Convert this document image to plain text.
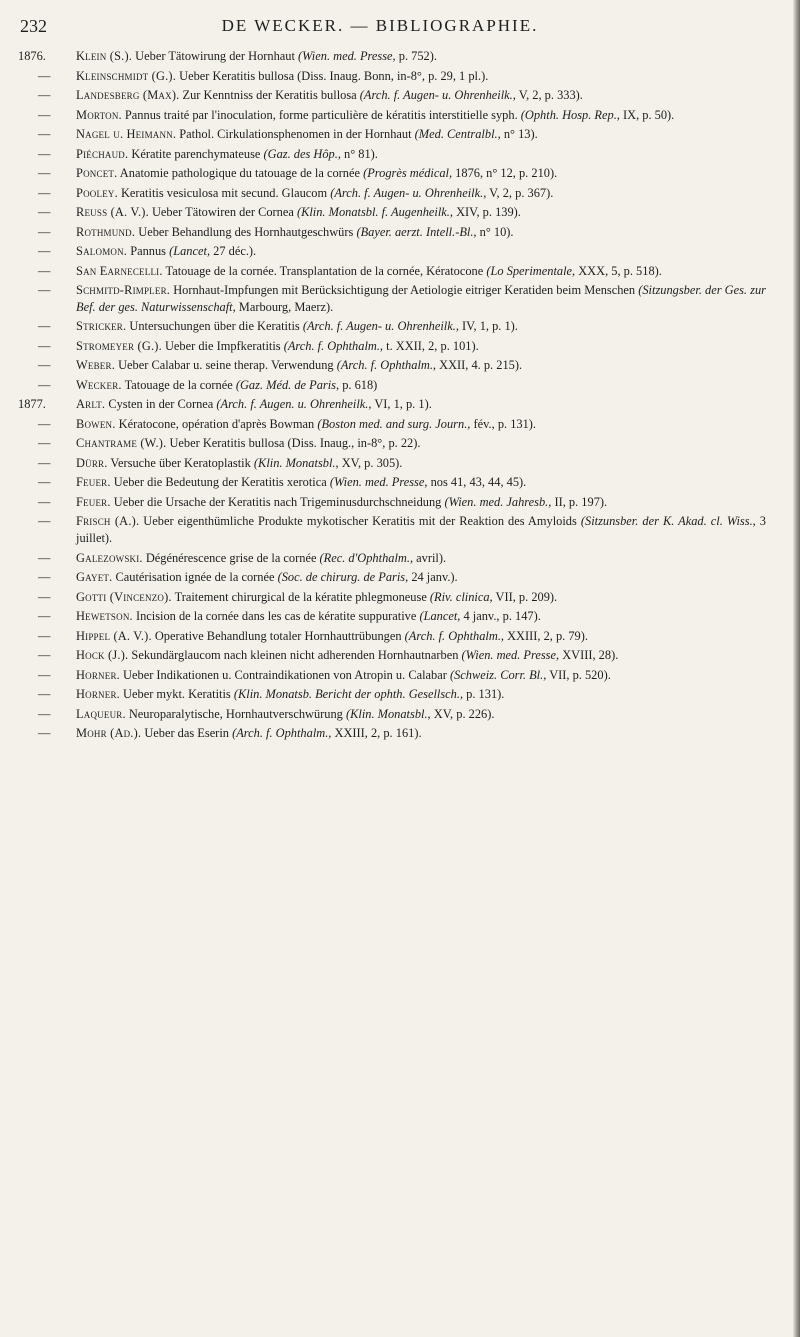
232	DE WECKER. — BIBLIOGRAPHIE.
1876.	Klein (S.). Ueber Tätowirung der Hornhaut (Wien. med. Presse, p. 752).
— Kleinschmidt (G.). Ueber Keratitis bullosa (Diss. Inaug. Bonn, in-8°, p. 29, 1 pl.).
— Landesberg (Max). Zur Kenntniss der Keratitis bullosa (Arch. f. Augen- u. Ohrenheilk., V, 2, p. 333).
— Morton. Pannus traité par l'inoculation, forme particulière de kératitis interstitielle syph. (Ophth. Hosp. Rep., IX, p. 50).
— Nagel u. Heimann. Pathol. Cirkulationsphenomen in der Hornhaut (Med. Centralbl., n° 13).
— Piéchaud. Kératite parenchymateuse (Gaz. des Hôp., n° 81).
— Poncet. Anatomie pathologique du tatouage de la cornée (Progrès médical, 1876, n° 12, p. 210).
— Pooley. Keratitis vesiculosa mit secund. Glaucom (Arch. f. Augen- u. Ohrenheilk., V, 2, p. 367).
— Reuss (A. V.). Ueber Tätowiren der Cornea (Klin. Monatsbl. f. Augenheilk., XIV, p. 139).
— Rothmund. Ueber Behandlung des Hornhautgeschwürs (Bayer. aerzt. Intell.-Bl., n° 10).
— Salomon. Pannus (Lancet, 27 déc.).
— San Earnecelli. Tatouage de la cornée. Transplantation de la cornée, Kératocone (Lo Sperimentale, XXX, 5, p. 518).
— Schmitd-Rimpler. Hornhaut-Impfungen mit Berücksichtigung der Aetiologie eitriger Keratiden beim Menschen (Sitzungsber. der Ges. zur Bef. der ges. Naturwissenschaft, Marbourg, Maerz).
— Stricker. Untersuchungen über die Keratitis (Arch. f. Augen- u. Ohrenheilk., IV, 1, p. 1).
— Stromeyer (G.). Ueber die Impfkeratitis (Arch. f. Ophthalm., t. XXII, 2, p. 101).
— Weber. Ueber Calabar u. seine therap. Verwendung (Arch. f. Ophthalm., XXII, 4. p. 215).
— Wecker. Tatouage de la cornée (Gaz. Méd. de Paris, p. 618)
1877.	Arlt. Cysten in der Cornea (Arch. f. Augen. u. Ohrenheilk., VI, 1, p. 1).
— Bowen. Kératocone, opération d'après Bowman (Boston med. and surg. Journ., fév., p. 131).
— Chantrame (W.). Ueber Keratitis bullosa (Diss. Inaug., in-8°, p. 22).
— Dürr. Versuche über Keratoplastik (Klin. Monatsbl., XV, p. 305).
— Feuer. Ueber die Bedeutung der Keratitis xerotica (Wien. med. Presse, nos 41, 43, 44, 45).
— Feuer. Ueber die Ursache der Keratitis nach Trigeminusdurchschneidung (Wien. med. Jahresb., II, p. 197).
— Frisch (A.). Ueber eigenthümliche Produkte mykotischer Keratitis mit der Reaktion des Amyloids (Sitzunsber. der K. Akad. cl. Wiss., 3 juillet).
— Galezowski. Dégénérescence grise de la cornée (Rec. d'Ophthalm., avril).
— Gayet. Cautérisation ignée de la cornée (Soc. de chirurg. de Paris, 24 janv.).
— Gotti (Vincenzo). Traitement chirurgical de la kératite phlegmoneuse (Riv. clinica, VII, p. 209).
— Hewetson. Incision de la cornée dans les cas de kératite suppurative (Lancet, 4 janv., p. 147).
— Hippel (A. V.). Operative Behandlung totaler Hornhauttrübungen (Arch. f. Ophthalm., XXIII, 2, p. 79).
— Hock (J.). Sekundärglaucom nach kleinen nicht adherenden Hornhautnarben (Wien. med. Presse, XVIII, 28).
— Horner. Ueber Indikationen u. Contraindikationen von Atropin u. Calabar (Schweiz. Corr. Bl., VII, p. 520).
— Horner. Ueber mykt. Keratitis (Klin. Monatsb. Bericht der ophth. Gesellsch., p. 131).
— Laqueur. Neuroparalytische, Hornhautverschwürung (Klin. Monatsbl., XV, p. 226).
— Mohr (Ad.). Ueber das Eserin (Arch. f. Ophthalm., XXIII, 2, p. 161).
